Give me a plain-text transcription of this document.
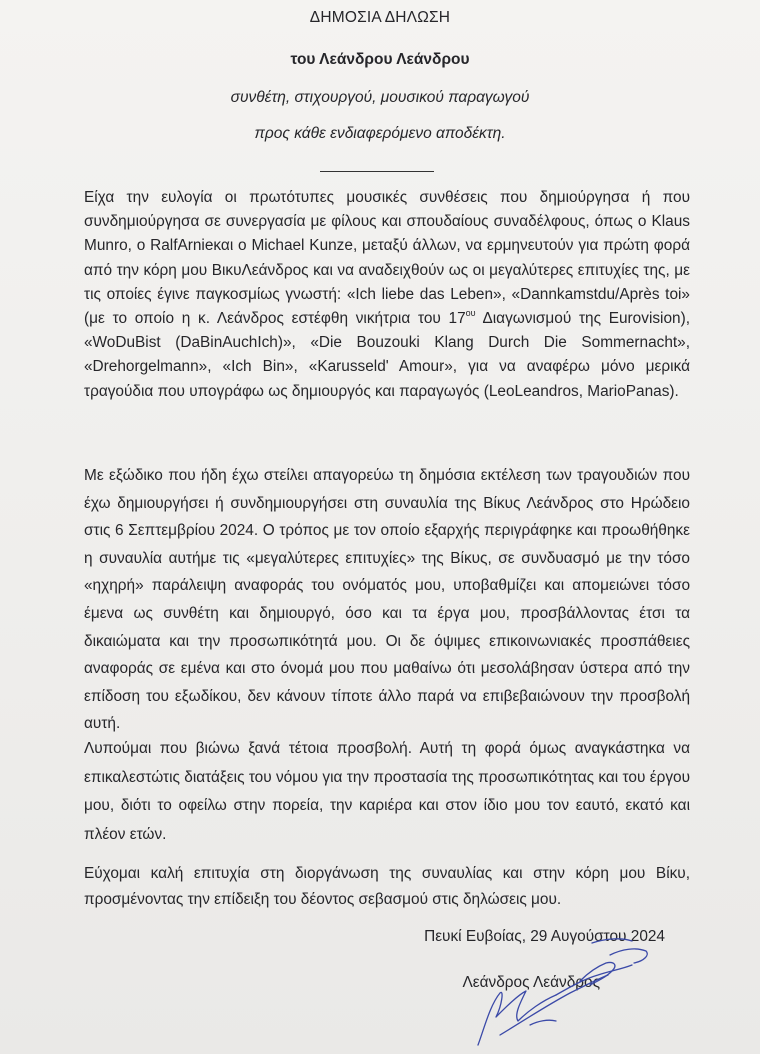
ΔΗΜΟΣΙΑ ΔΗΛΩΣΗ
του Λεάνδρου Λεάνδρου
συνθέτη, στιχουργού, μουσικού παραγωγού
προς κάθε ενδιαφερόμενο αποδέκτη.
Είχα την ευλογία οι πρωτότυπες μουσικές συνθέσεις που δημιούργησα ή που συνδημιούργησα σε συνεργασία με φίλους και σπουδαίους συναδέλφους, όπως ο Klaus Munro, ο RalfArnieκαι ο Michael Kunze, μεταξύ άλλων, να ερμηνευτούν για πρώτη φορά από την κόρη μου ΒικυΛεάνδρος και να αναδειχθούν ως οι μεγαλύτερες επιτυχίες της, με τις οποίες έγινε παγκοσμίως γνωστή: «Ich liebe das Leben», «Dannkamstdu/Après toi» (με το οποίο η κ. Λεάνδρος εστέφθη νικήτρια του $17^{o\upsilon}$ Διαγωνισμού της Eurovision), «WoDuBist (DaBinAuchIch)», «Die Bouzouki Klang Durch Die Sommernacht», «Drehorgelmann», «Ich Bin», «Karusseld' Amour», για να αναφέρω μόνο μερικά τραγούδια που υπογράφω ως δημιουργός και παραγωγός (LeoLeandros, MarioPanas).
Με εξώδικο που ήδη έχω στείλει απαγορεύω τη δημόσια εκτέλεση των τραγουδιών που έχω δημιουργήσει ή συνδημιουργήσει στη συναυλία της Βίκυς Λεάνδρος στο Ηρώδειο στις 6 Σεπτεμβρίου 2024. Ο τρόπος με τον οποίο εξαρχής περιγράφηκε και προωθήθηκε η συναυλία αυτήμε τις «μεγαλύτερες επιτυχίες» της Βίκυς, σε συνδυασμό με την τόσο «ηχηρή» παράλειψη αναφοράς του ονόματός μου, υποβαθμίζει και απομειώνει τόσο έμενα ως συνθέτη και δημιουργό, όσο και τα έργα μου, προσβάλλοντας έτσι τα δικαιώματα και την προσωπικότητά μου. Οι δε όψιμες επικοινωνιακές προσπάθειες αναφοράς σε εμένα και στο όνομά μου που μαθαίνω ότι μεσολάβησαν ύστερα από την επίδοση του εξωδίκου, δεν κάνουν τίποτε άλλο παρά να επιβεβαιώνουν την προσβολή αυτή.
Λυπούμαι που βιώνω ξανά τέτοια προσβολή. Αυτή τη φορά όμως αναγκάστηκα να επικαλεστώτις διατάξεις του νόμου για την προστασία της προσωπικότητας και του έργου μου, διότι το οφείλω στην πορεία, την καριέρα και στον ίδιο μου τον εαυτό, εκατό και πλέον ετών.
Εύχομαι καλή επιτυχία στη διοργάνωση της συναυλίας και στην κόρη μου Βίκυ, προσμένοντας την επίδειξη του δέοντος σεβασμού στις δηλώσεις μου.
Πευκί Ευβοίας, 29 Αυγούστου 2024
Λεάνδρος Λεάνδρος
